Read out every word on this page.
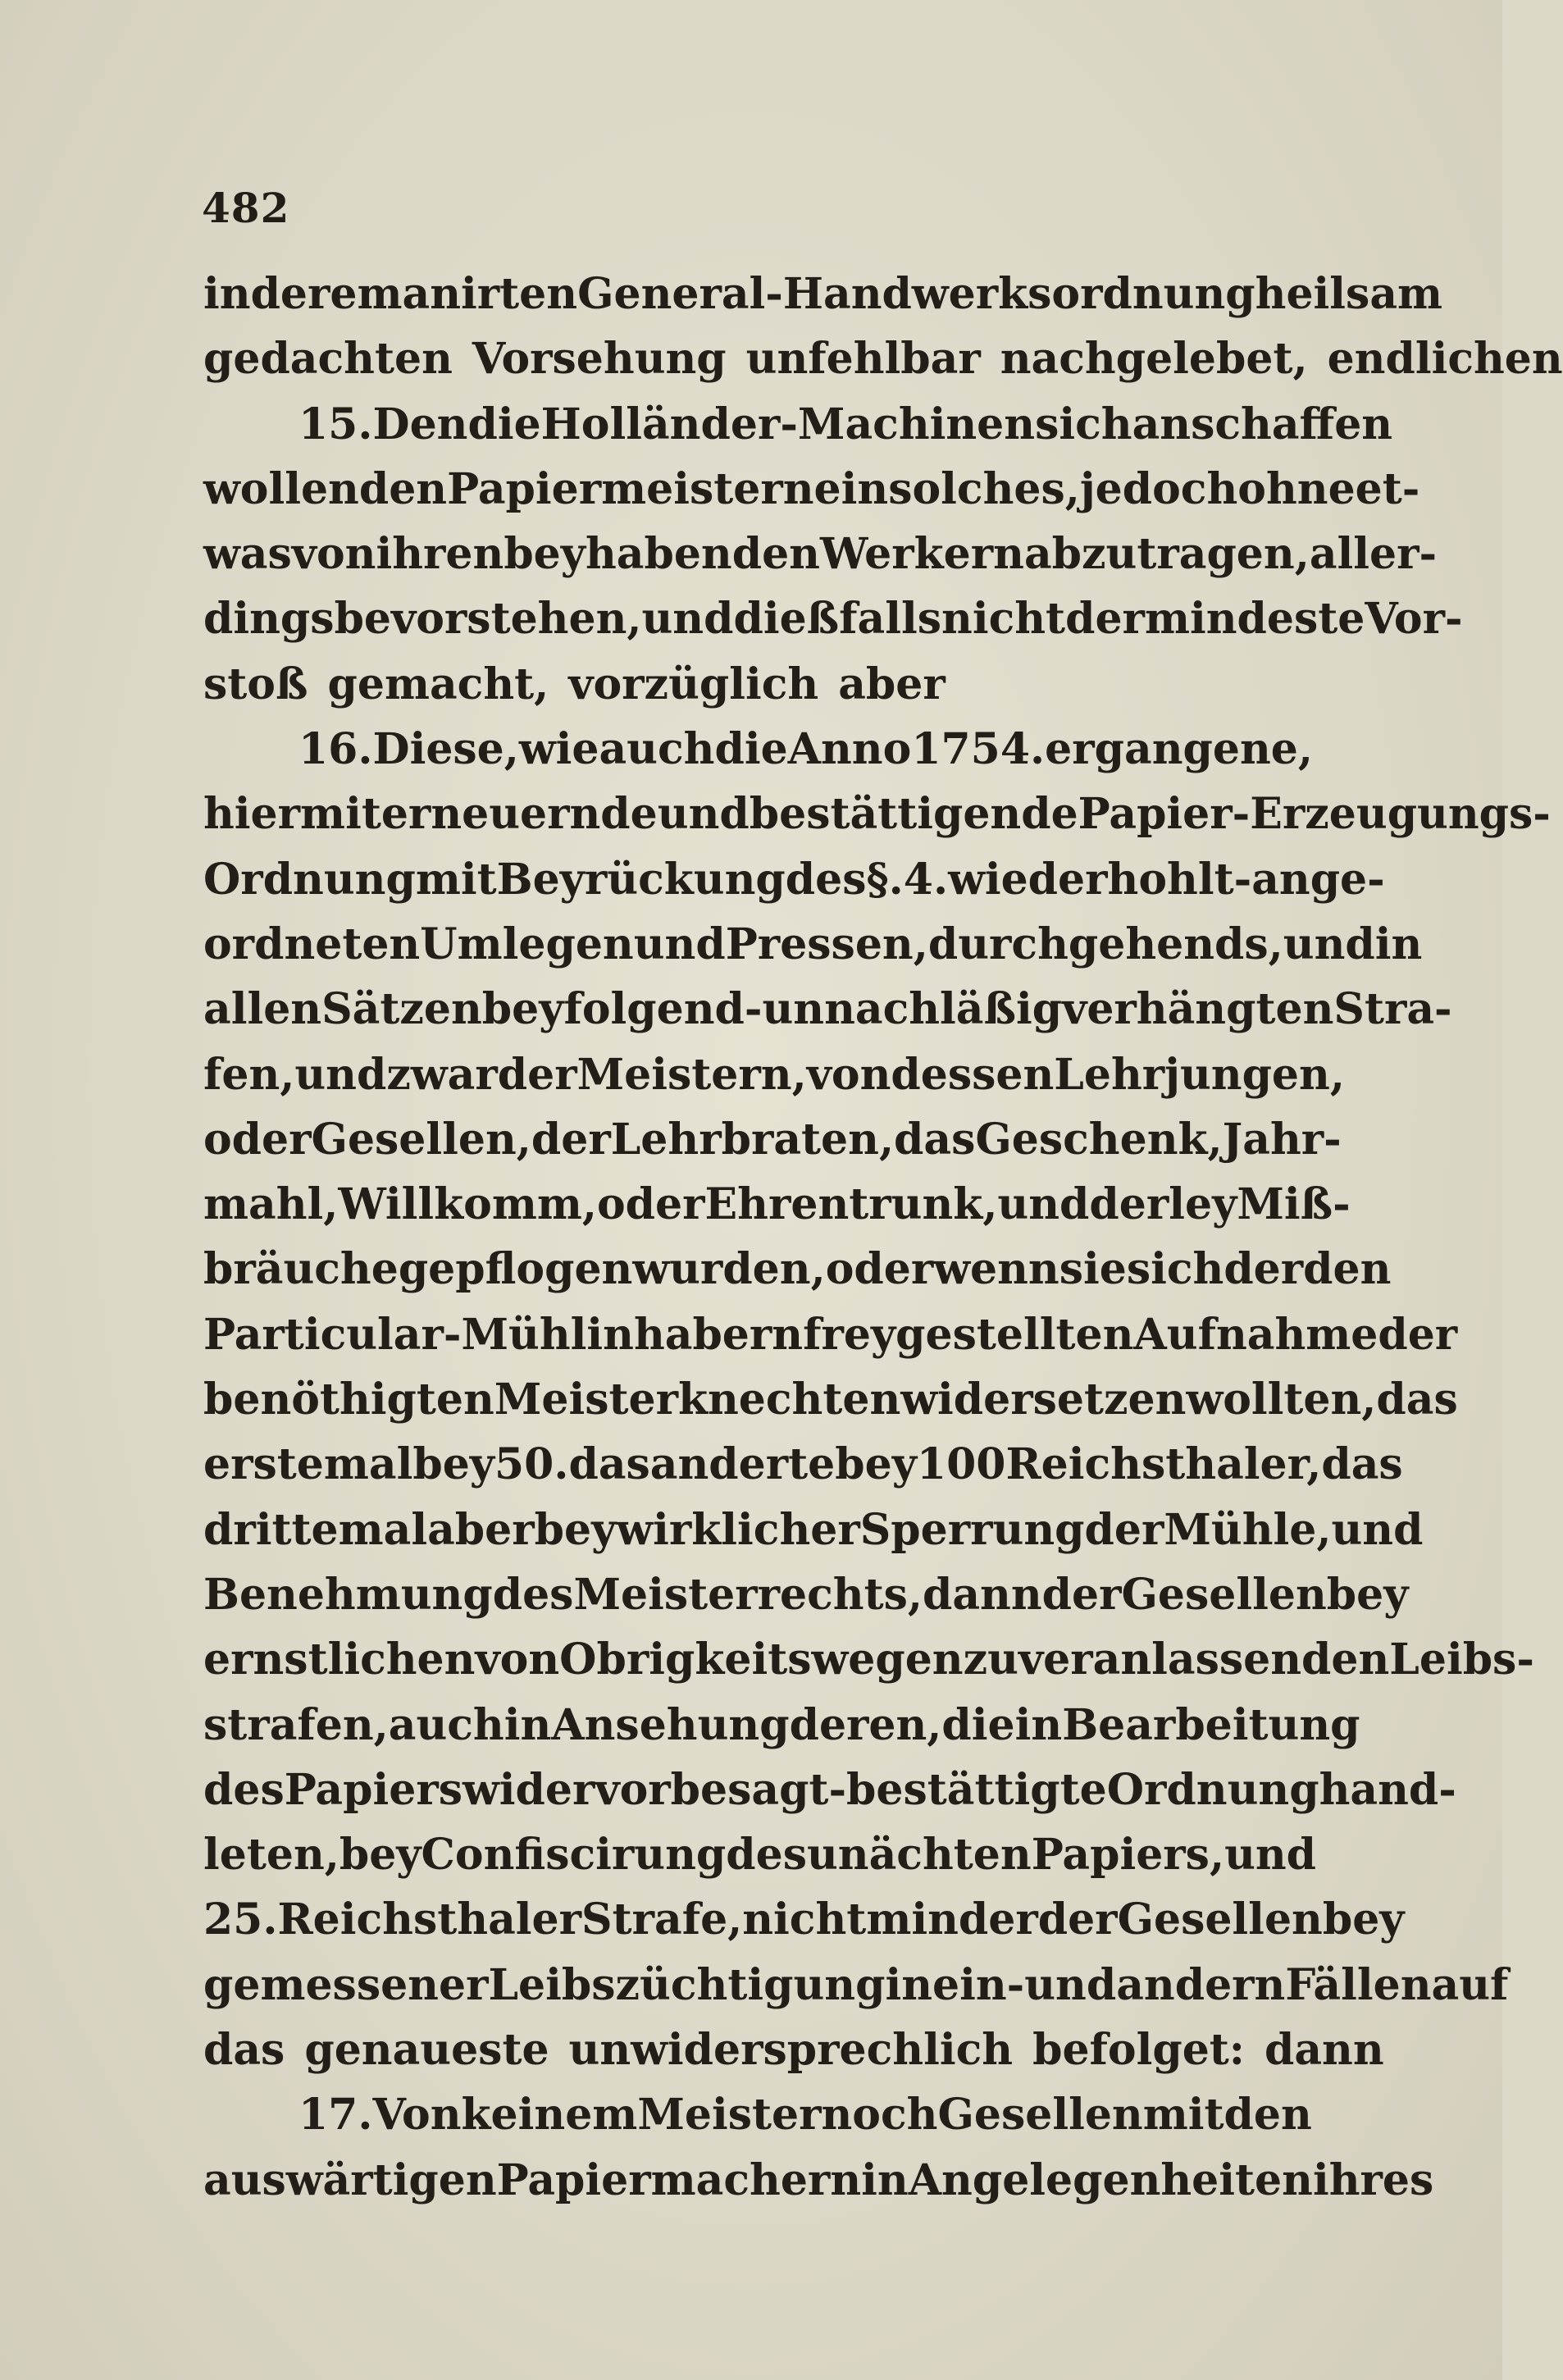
482
in der emanirten General-Handwerksordnung heilsam
gedachten Vorsehung unfehlbar nachgelebet, endlichen
15. Den die Holländer-Machinen sich anschaffen
wollenden Papiermeistern ein solches, jedoch ohne et-
was von ihren beyhabenden Werkern abzutragen, aller-
dings bevorstehen, und dießfalls nicht der mindeste Vor-
stoß gemacht, vorzüglich aber
16. Diese, wie auch die Anno 1754. ergangene,
hiermit erneuernde und bestättigende Papier-Erzeugungs-
Ordnung mit Beyrückung des §. 4. wiederhohlt - ange-
ordneten Umlegen und Pressen, durchgehends, und in
allen Sätzen bey folgend-unnachläßig verhängten Stra-
fen, und zwar der Meistern, von dessen Lehrjungen,
oder Gesellen, der Lehrbraten, das Geschenk, Jahr-
mahl, Willkomm, oder Ehrentrunk, und derley Miß-
bräuche gepflogen wurden, oder wenn sie sich der den
Particular-Mühlinhabern freygestellten Aufnahme der
benöthigten Meisterknechten widersetzen wollten, das
erstemal bey 50. das anderte bey 100 Reichsthaler, das
drittemal aber bey wirklicher Sperrung der Mühle, und
Benehmung des Meisterrechts, dann der Gesellen bey
ernstlichen von Obrigkeits wegen zu veranlassenden Leibs-
strafen, auch in Ansehung deren, die in Bearbeitung
des Papiers wider vorbesagt-bestättigte Ordnung hand-
leten, bey Confiscirung des unächten Papiers, und
25. Reichsthaler Strafe, nicht minder der Gesellen bey
gemessener Leibszüchtigung in ein-und andern Fällen auf
das genaueste unwidersprechlich befolget: dann
17. Von keinem Meister noch Gesellen mit den
auswärtigen Papiermachern in Angelegenheiten ihres
